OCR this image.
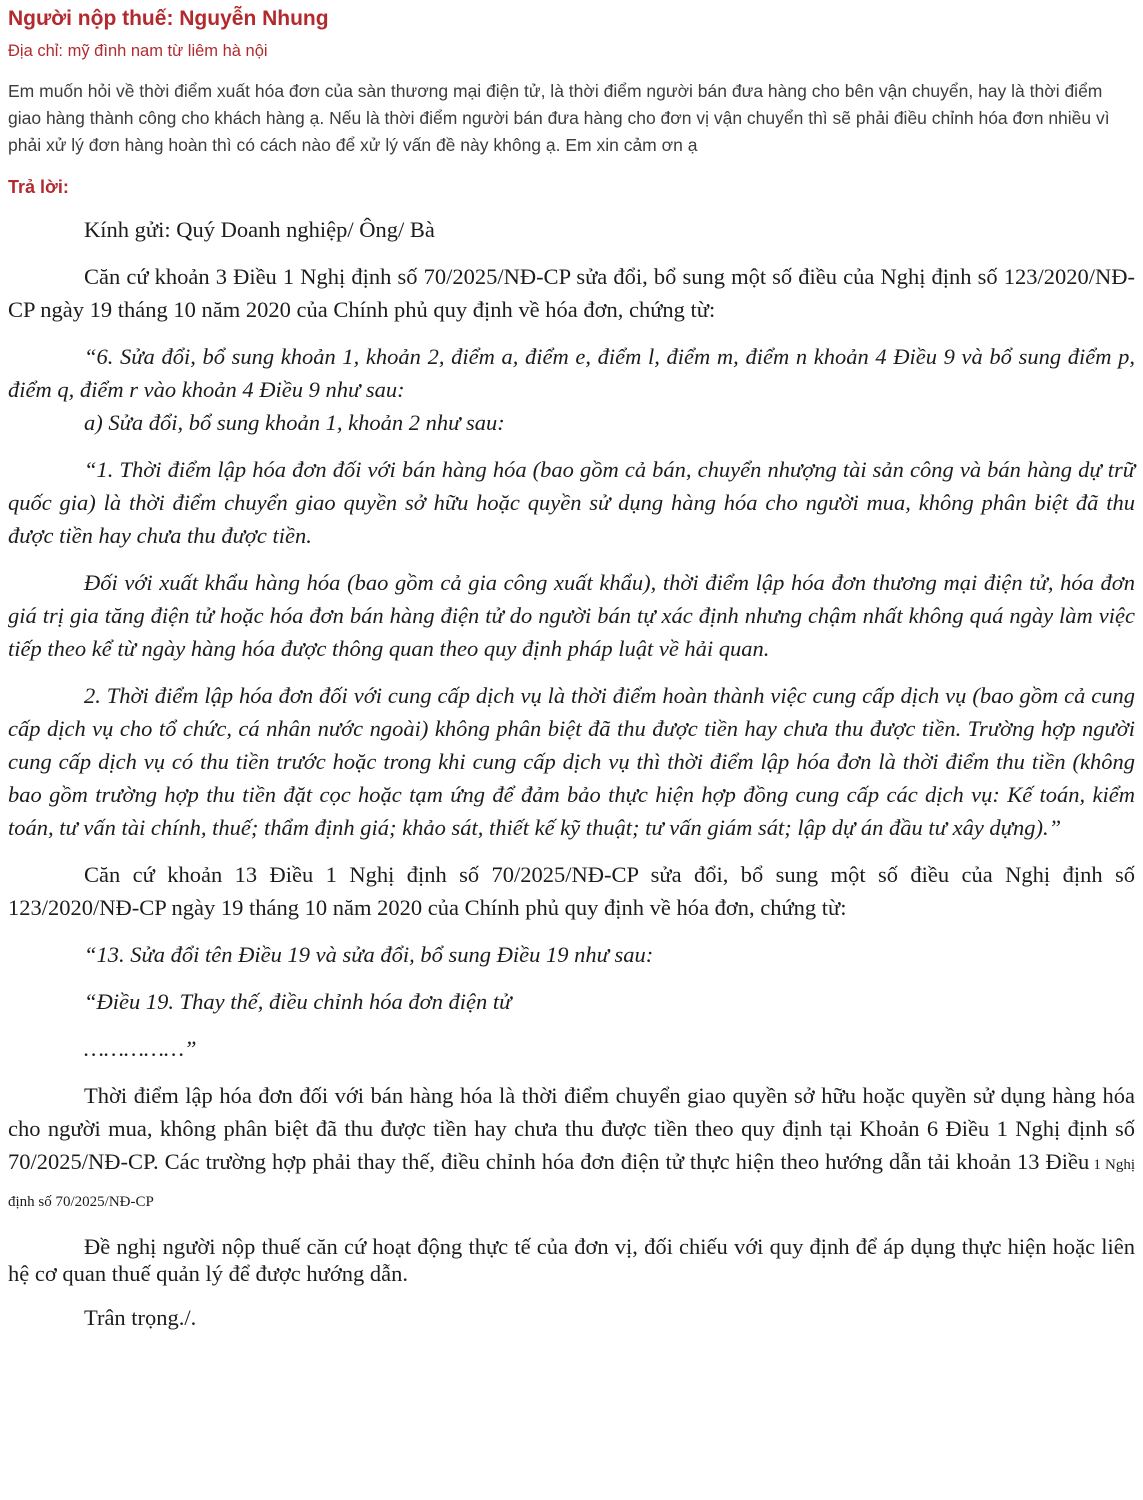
Người nộp thuế: Nguyễn Nhung
Địa chỉ: mỹ đình nam từ liêm hà nội
Em muốn hỏi về thời điểm xuất hóa đơn của sàn thương mại điện tử, là thời điểm người bán đưa hàng cho bên vận chuyển, hay là thời điểm giao hàng thành công cho khách hàng ạ. Nếu là thời điểm người bán đưa hàng cho đơn vị vận chuyển thì sẽ phải điều chỉnh hóa đơn nhiều vì phải xử lý đơn hàng hoàn thì có cách nào để xử lý vấn đề này không ạ. Em xin cảm ơn ạ
Trả lời:

Kính gửi: Quý Doanh nghiệp/ Ông/ Bà

Căn cứ khoản 3 Điều 1 Nghị định số 70/2025/NĐ-CP sửa đổi, bổ sung một số điều của Nghị định số 123/2020/NĐ-CP ngày 19 tháng 10 năm 2020 của Chính phủ quy định về hóa đơn, chứng từ:

“6. Sửa đổi, bổ sung khoản 1, khoản 2, điểm a, điểm e, điểm l, điểm m, điểm n khoản 4 Điều 9 và bổ sung điểm p, điểm q, điểm r vào khoản 4 Điều 9 như sau:

a) Sửa đổi, bổ sung khoản 1, khoản 2 như sau:

“1. Thời điểm lập hóa đơn đối với bán hàng hóa (bao gồm cả bán, chuyển nhượng tài sản công và bán hàng dự trữ quốc gia) là thời điểm chuyển giao quyền sở hữu hoặc quyền sử dụng hàng hóa cho người mua, không phân biệt đã thu được tiền hay chưa thu được tiền.

Đối với xuất khẩu hàng hóa (bao gồm cả gia công xuất khẩu), thời điểm lập hóa đơn thương mại điện tử, hóa đơn giá trị gia tăng điện tử hoặc hóa đơn bán hàng điện tử do người bán tự xác định nhưng chậm nhất không quá ngày làm việc tiếp theo kể từ ngày hàng hóa được thông quan theo quy định pháp luật về hải quan.

2. Thời điểm lập hóa đơn đối với cung cấp dịch vụ là thời điểm hoàn thành việc cung cấp dịch vụ (bao gồm cả cung cấp dịch vụ cho tổ chức, cá nhân nước ngoài) không phân biệt đã thu được tiền hay chưa thu được tiền. Trường hợp người cung cấp dịch vụ có thu tiền trước hoặc trong khi cung cấp dịch vụ thì thời điểm lập hóa đơn là thời điểm thu tiền (không bao gồm trường hợp thu tiền đặt cọc hoặc tạm ứng để đảm bảo thực hiện hợp đồng cung cấp các dịch vụ: Kế toán, kiểm toán, tư vấn tài chính, thuế; thẩm định giá; khảo sát, thiết kế kỹ thuật; tư vấn giám sát; lập dự án đầu tư xây dựng).”

Căn cứ khoản 13 Điều 1 Nghị định số 70/2025/NĐ-CP sửa đổi, bổ sung một số điều của Nghị định số 123/2020/NĐ-CP ngày 19 tháng 10 năm 2020 của Chính phủ quy định về hóa đơn, chứng từ:

“13. Sửa đổi tên Điều 19 và sửa đổi, bổ sung Điều 19 như sau:

“Điều 19. Thay thế, điều chỉnh hóa đơn điện tử

……………”

Thời điểm lập hóa đơn đối với bán hàng hóa là thời điểm chuyển giao quyền sở hữu hoặc quyền sử dụng hàng hóa cho người mua, không phân biệt đã thu được tiền hay chưa thu được tiền theo quy định tại Khoản 6 Điều 1 Nghị định số 70/2025/NĐ-CP. Các trường hợp phải thay thế, điều chỉnh hóa đơn điện tử thực hiện theo hướng dẫn tải khoản 13 Điều 1 Nghị định số 70/2025/NĐ-CP

Đề nghị người nộp thuế căn cứ hoạt động thực tế của đơn vị, đối chiếu với quy định để áp dụng thực hiện hoặc liên hệ cơ quan thuế quản lý để được hướng dẫn.

Trân trọng./.
